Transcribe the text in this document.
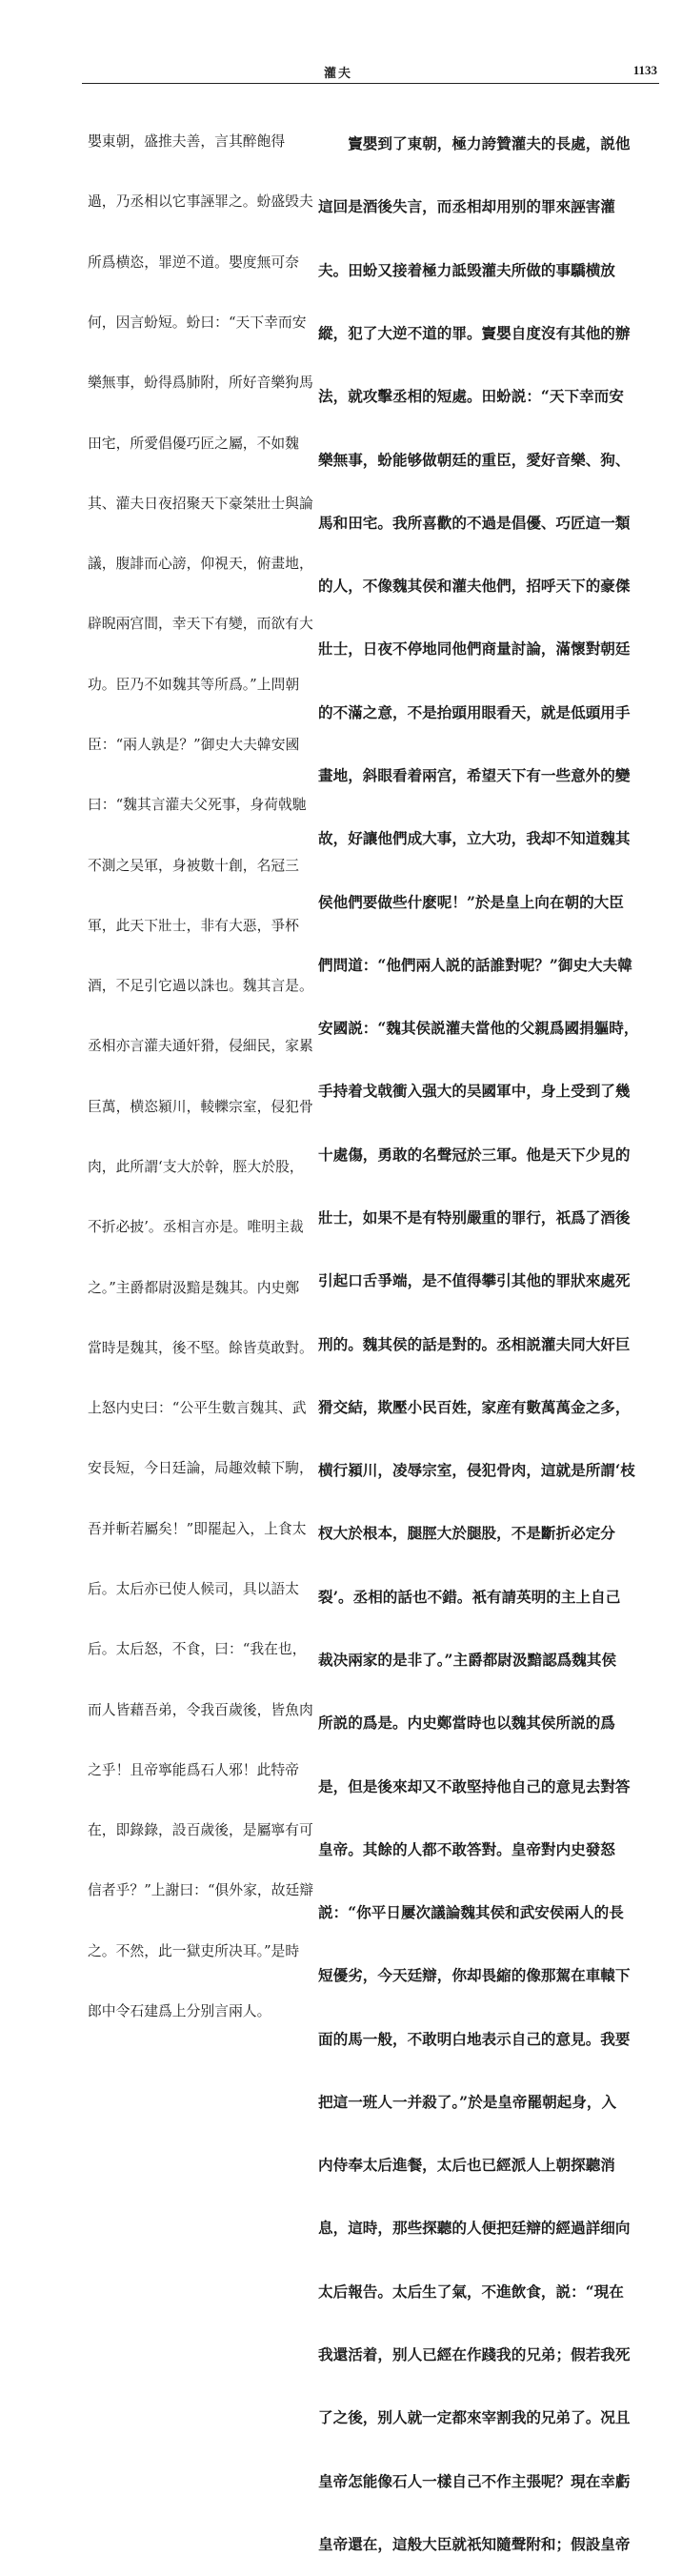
灌夫	1133

嬰東朝，盛推夫善，言其醉飽得

過，乃丞相以它事誣罪之。蚡盛毁夫

所爲横恣，罪逆不道。嬰度無可奈

何，因言蚡短。蚡曰：“天下幸而安

樂無事，蚡得爲肺附，所好音樂狗馬

田宅，所愛倡優巧匠之屬，不如魏

其、灌夫日夜招聚天下豪桀壯士與論

議，腹誹而心謗，仰視天，俯畫地，

辟睨兩宫間，幸天下有變，而欲有大

功。臣乃不如魏其等所爲。”上問朝

臣：“兩人孰是？”御史大夫韓安國

曰：“魏其言灌夫父死事，身荷戟馳

不測之吴軍，身被數十創，名冠三

軍，此天下壯士，非有大惡，爭杯

酒，不足引它過以誅也。魏其言是。

丞相亦言灌夫通奸猾，侵細民，家累

巨萬，横恣潁川，輘轢宗室，侵犯骨

肉，此所謂‘支大於幹，脛大於股，

不折必披’。丞相言亦是。唯明主裁

之。”主爵都尉汲黯是魏其。内史鄭

當時是魏其，後不堅。餘皆莫敢對。

上怒内史曰：“公平生數言魏其、武

安長短，今日廷論，局趣效轅下駒，

吾并斬若屬矣！”即罷起入，上食太

后。太后亦已使人候司，具以語太

后。太后怒，不食，曰：“我在也，

而人皆藉吾弟，令我百歲後，皆魚肉

之乎！且帝寧能爲石人邪！此特帝

在，即錄錄，設百歲後，是屬寧有可

信者乎？”上謝曰：“俱外家，故廷辯

之。不然，此一獄吏所决耳。”是時

郎中令石建爲上分别言兩人。

　　竇嬰到了東朝，極力誇贊灌夫的長處，説他

這回是酒後失言，而丞相却用别的罪來誣害灌

夫。田蚡又接着極力詆毁灌夫所做的事驕横放

縱，犯了大逆不道的罪。竇嬰自度沒有其他的辦

法，就攻擊丞相的短處。田蚡説：“天下幸而安

樂無事，蚡能够做朝廷的重臣，愛好音樂、狗、

馬和田宅。我所喜歡的不過是倡優、巧匠這一類

的人，不像魏其侯和灌夫他們，招呼天下的豪傑

壯士，日夜不停地同他們商量討論，滿懷對朝廷

的不滿之意，不是抬頭用眼看天，就是低頭用手

畫地，斜眼看着兩宫，希望天下有一些意外的變

故，好讓他們成大事，立大功，我却不知道魏其

侯他們要做些什麽呢！”於是皇上向在朝的大臣

們問道：“他們兩人説的話誰對呢？”御史大夫韓

安國説：“魏其侯説灌夫當他的父親爲國捐軀時，

手持着戈戟衝入强大的吴國軍中，身上受到了幾

十處傷，勇敢的名聲冠於三軍。他是天下少見的

壯士，如果不是有特别嚴重的罪行，祇爲了酒後

引起口舌爭端，是不值得攀引其他的罪狀來處死

刑的。魏其侯的話是對的。丞相説灌夫同大奸巨

猾交結，欺壓小民百姓，家産有數萬萬金之多，

横行潁川，凌辱宗室，侵犯骨肉，這就是所謂‘枝

杈大於根本，腿脛大於腿股，不是斷折必定分

裂’。丞相的話也不錯。衹有請英明的主上自己

裁决兩家的是非了。”主爵都尉汲黯認爲魏其侯

所説的爲是。内史鄭當時也以魏其侯所説的爲

是，但是後來却又不敢堅持他自己的意見去對答

皇帝。其餘的人都不敢答對。皇帝對内史發怒

説：“你平日屢次議論魏其侯和武安侯兩人的長

短優劣，今天廷辯，你却畏縮的像那駕在車轅下

面的馬一般，不敢明白地表示自己的意見。我要

把這一班人一并殺了。”於是皇帝罷朝起身，入

内侍奉太后進餐，太后也已經派人上朝探聽消

息，這時，那些探聽的人便把廷辯的經過詳细向

太后報告。太后生了氣，不進飲食，説：“現在

我還活着，别人已經在作踐我的兄弟；假若我死

了之後，别人就一定都來宰割我的兄弟了。况且

皇帝怎能像石人一樣自己不作主張呢？現在幸虧

皇帝還在，這般大臣就祇知隨聲附和；假設皇帝
